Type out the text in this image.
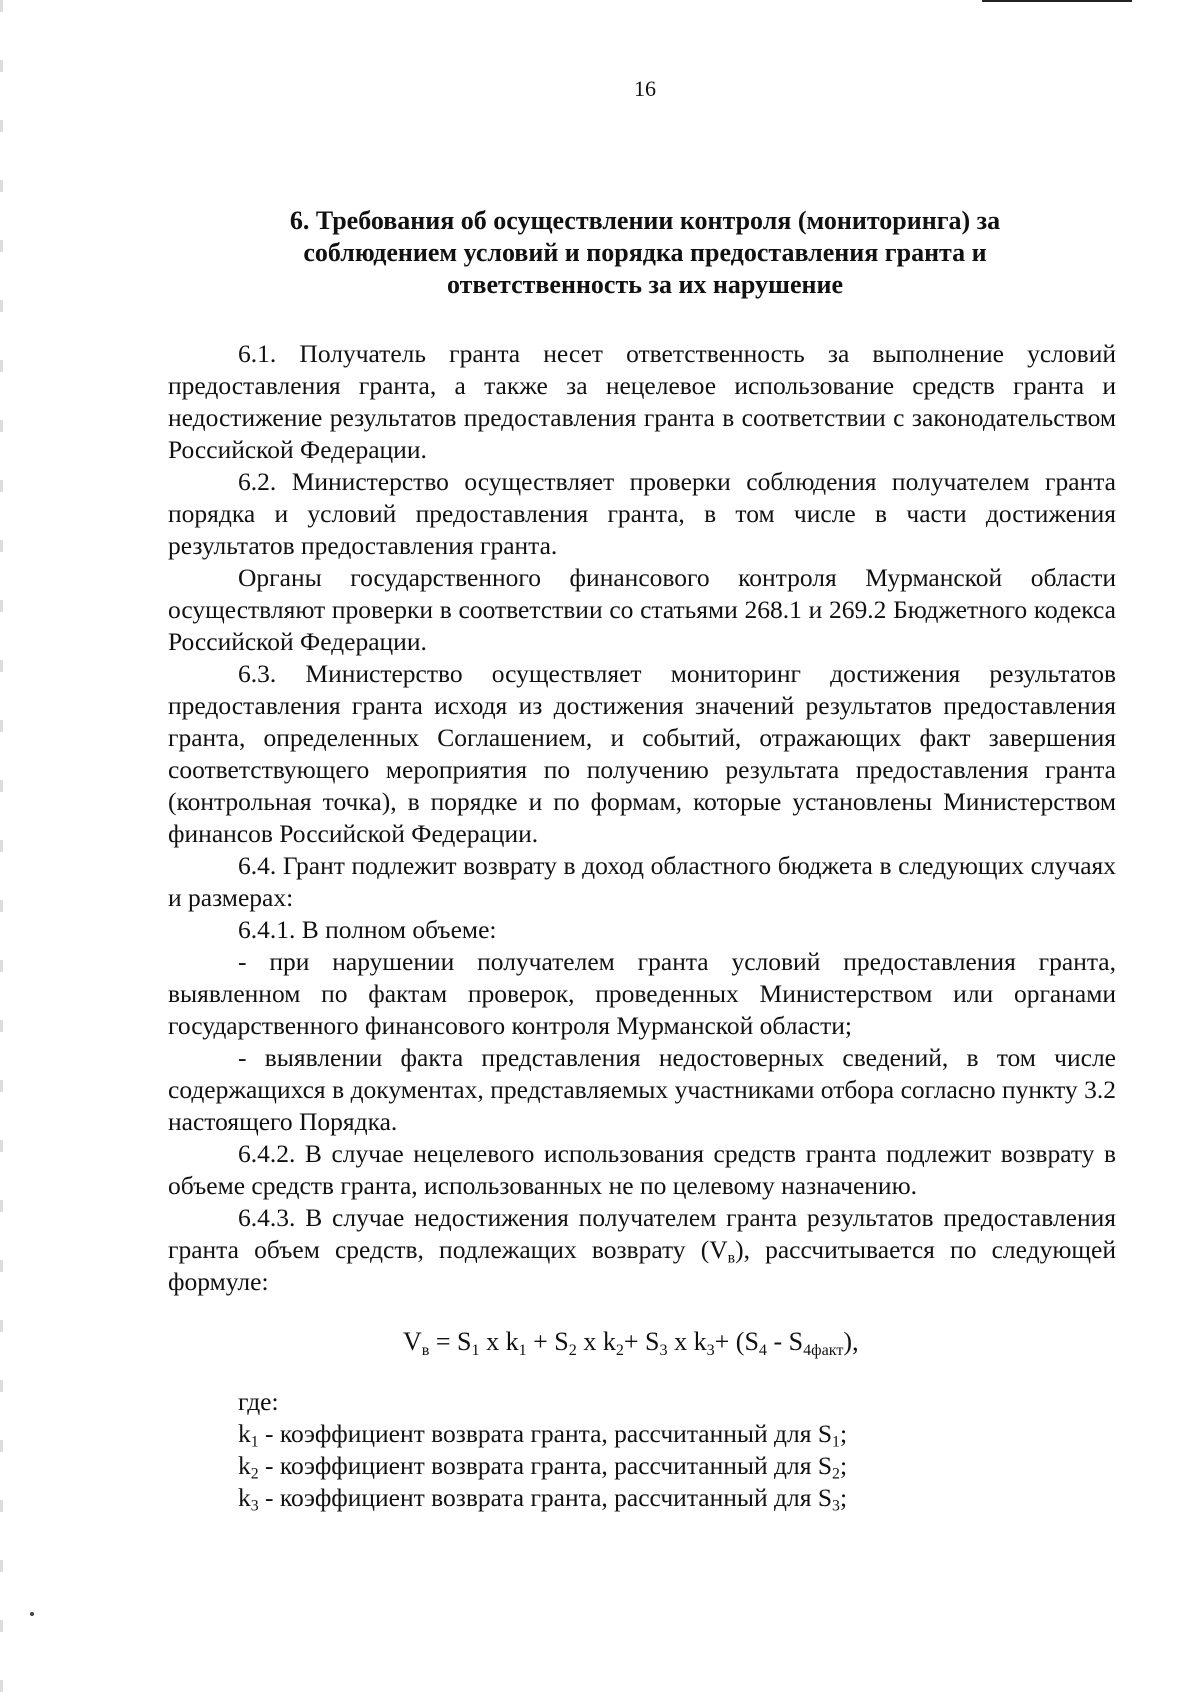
16
6. Требования об осуществлении контроля (мониторинга) за
соблюдением условий и порядка предоставления гранта и
ответственность за их нарушение

6.1. Получатель гранта несет ответственность за выполнение условий предоставления гранта, а также за нецелевое использование средств гранта и недостижение результатов предоставления гранта в соответствии с законодательством Российской Федерации.

6.2. Министерство осуществляет проверки соблюдения получателем гранта порядка и условий предоставления гранта, в том числе в части достижения результатов предоставления гранта.

Органы государственного финансового контроля Мурманской области осуществляют проверки в соответствии со статьями 268.1 и 269.2 Бюджетного кодекса Российской Федерации.

6.3. Министерство осуществляет мониторинг достижения результатов предоставления гранта исходя из достижения значений результатов предоставления гранта, определенных Соглашением, и событий, отражающих факт завершения соответствующего мероприятия по получению результата предоставления гранта (контрольная точка), в порядке и по формам, которые установлены Министерством финансов Российской Федерации.

6.4. Грант подлежит возврату в доход областного бюджета в следующих случаях и размерах:

6.4.1. В полном объеме:

- при нарушении получателем гранта условий предоставления гранта, выявленном по фактам проверок, проведенных Министерством или органами государственного финансового контроля Мурманской области;

- выявлении факта представления недостоверных сведений, в том числе содержащихся в документах, представляемых участниками отбора согласно пункту 3.2 настоящего Порядка.

6.4.2. В случае нецелевого использования средств гранта подлежит возврату в объеме средств гранта, использованных не по целевому назначению.

6.4.3. В случае недостижения получателем гранта результатов предоставления гранта объем средств, подлежащих возврату (Vв), рассчитывается по следующей формуле:

Vв = S1 x k1 + S2 x k2+ S3 x k3+ (S4 - S4факт),

где:

k1 - коэффициент возврата гранта, рассчитанный для S1;

k2 - коэффициент возврата гранта, рассчитанный для S2;

k3 - коэффициент возврата гранта, рассчитанный для S3;
